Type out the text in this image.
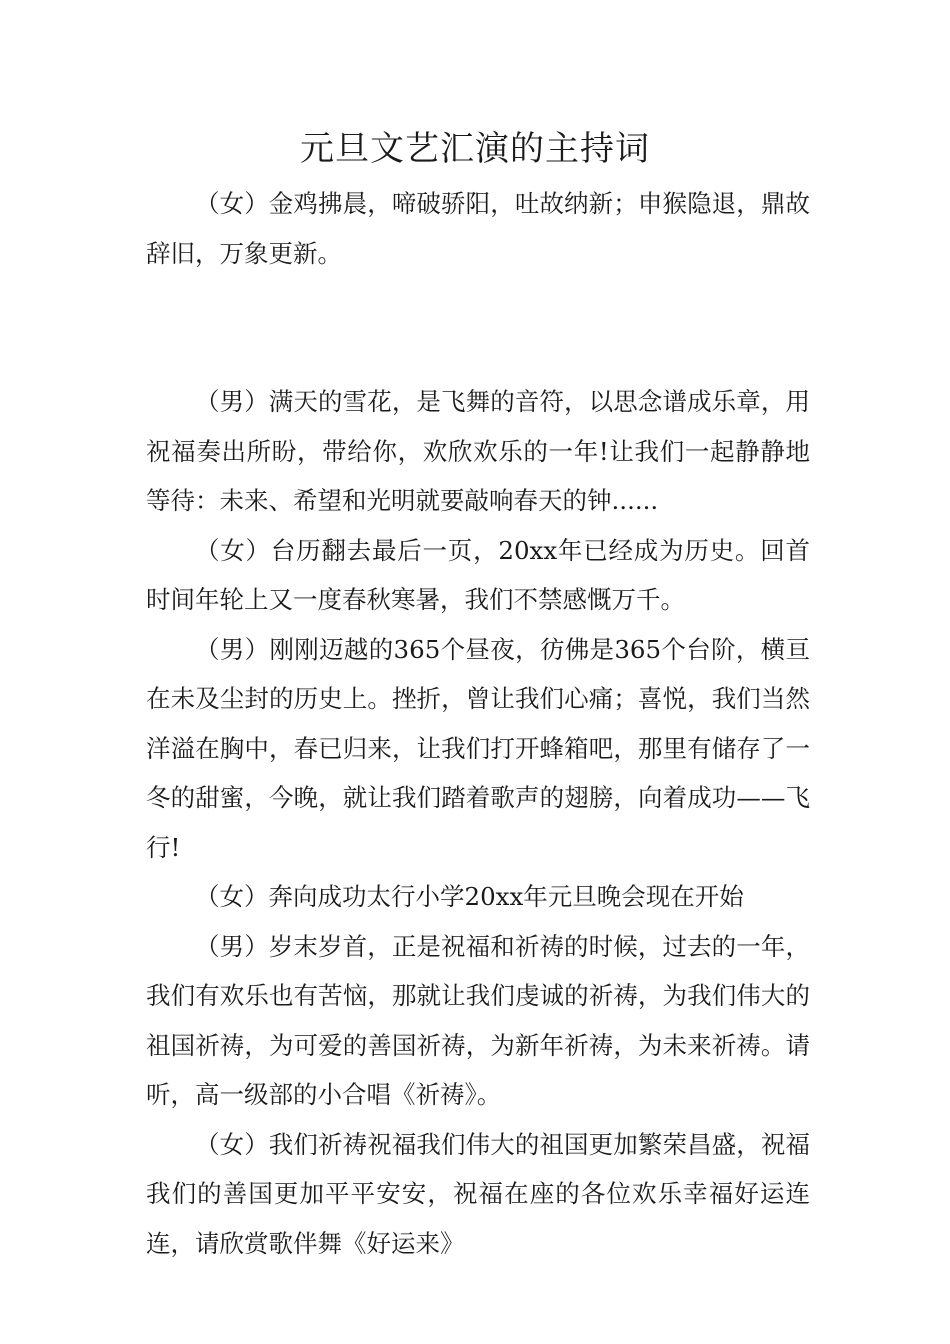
元旦文艺汇演的主持词

（女）金鸡拂晨，啼破骄阳，吐故纳新；申猴隐退，鼎故辞旧，万象更新。

（男）满天的雪花，是飞舞的音符，以思念谱成乐章，用祝福奏出所盼，带给你，欢欣欢乐的一年!让我们一起静静地等待：未来、希望和光明就要敲响春天的钟......

（女）台历翻去最后一页，20xx年已经成为历史。回首时间年轮上又一度春秋寒暑，我们不禁感慨万千。

（男）刚刚迈越的365个昼夜，彷佛是365个台阶，横亘在未及尘封的历史上。挫折，曾让我们心痛；喜悦，我们当然洋溢在胸中，春已归来，让我们打开蜂箱吧，那里有储存了一冬的甜蜜，今晚，就让我们踏着歌声的翅膀，向着成功——飞行!

（女）奔向成功太行小学20xx年元旦晚会现在开始

（男）岁末岁首，正是祝福和祈祷的时候，过去的一年，我们有欢乐也有苦恼，那就让我们虔诚的祈祷，为我们伟大的祖国祈祷，为可爱的善国祈祷，为新年祈祷，为未来祈祷。请听，高一级部的小合唱《祈祷》。

（女）我们祈祷祝福我们伟大的祖国更加繁荣昌盛，祝福我们的善国更加平平安安，祝福在座的各位欢乐幸福好运连连，请欣赏歌伴舞《好运来》
